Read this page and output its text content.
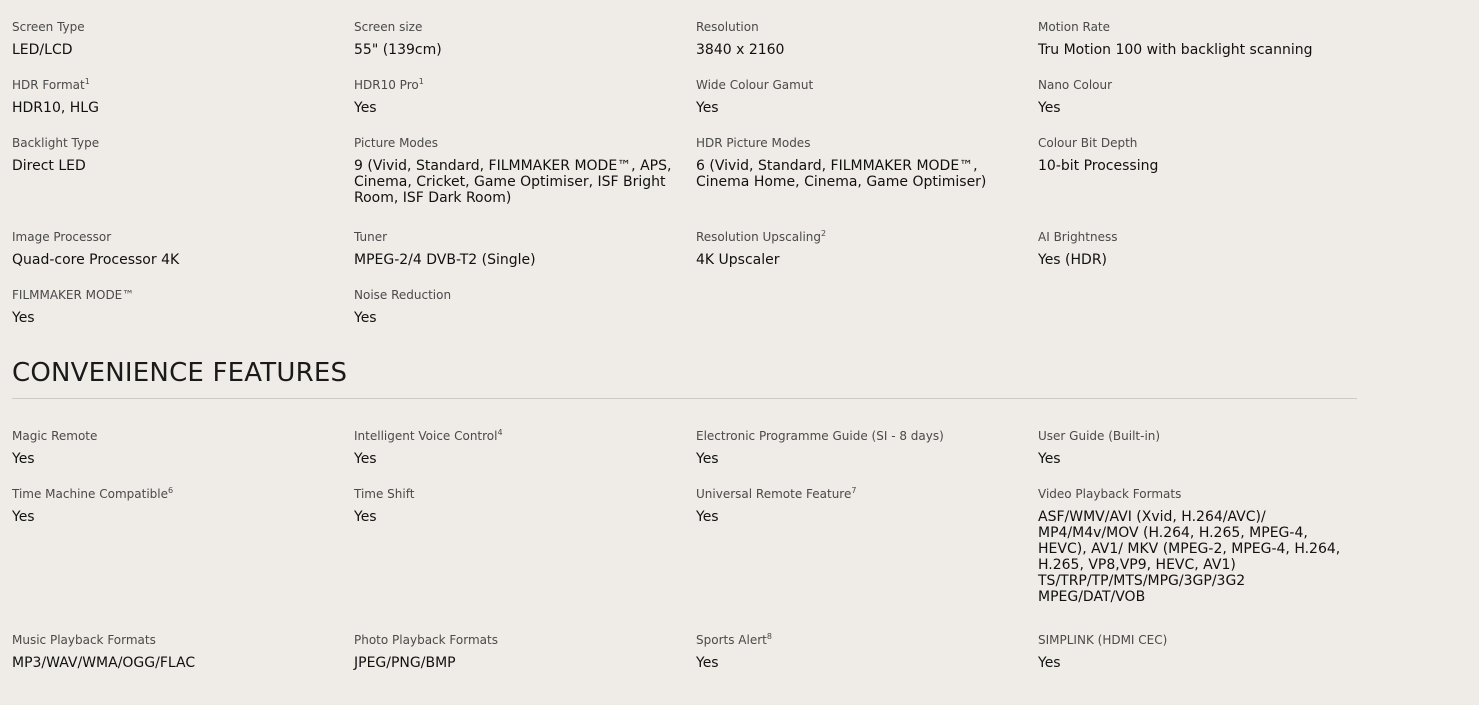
Screen Type
LED/LCD
Screen size
55" (139cm)
Resolution
3840 x 2160
Motion Rate
Tru Motion 100 with backlight scanning
HDR Format$^1$
HDR10, HLG
HDR10 Pro$^1$
Yes
Wide Colour Gamut
Yes
Nano Colour
Yes
Backlight Type
Direct LED
Picture Modes
9 (Vivid, Standard, FILMMAKER MODE™, APS, Cinema, Cricket, Game Optimiser, ISF Bright Room, ISF Dark Room)
HDR Picture Modes
6 (Vivid, Standard, FILMMAKER MODE™, Cinema Home, Cinema, Game Optimiser)
Colour Bit Depth
10-bit Processing
Image Processor
Quad-core Processor 4K
Tuner
MPEG-2/4 DVB-T2 (Single)
Resolution Upscaling$^2$
4K Upscaler
AI Brightness
Yes (HDR)
FILMMAKER MODE™
Yes
Noise Reduction
Yes
CONVENIENCE FEATURES
Magic Remote
Yes
Intelligent Voice Control$^4$
Yes
Electronic Programme Guide (SI - 8 days)
Yes
User Guide (Built-in)
Yes
Time Machine Compatible$^6$
Yes
Time Shift
Yes
Universal Remote Feature$^7$
Yes
Video Playback Formats
ASF/WMV/AVI (Xvid, H.264/AVC)/ MP4/M4v/MOV (H.264, H.265, MPEG-4, HEVC), AV1/ MKV (MPEG-2, MPEG-4, H.264, H.265, VP8,VP9, HEVC, AV1) TS/TRP/TP/MTS/MPG/3GP/3G2 MPEG/DAT/VOB
Music Playback Formats
MP3/WAV/WMA/OGG/FLAC
Photo Playback Formats
JPEG/PNG/BMP
Sports Alert$^8$
Yes
SIMPLINK (HDMI CEC)
Yes
